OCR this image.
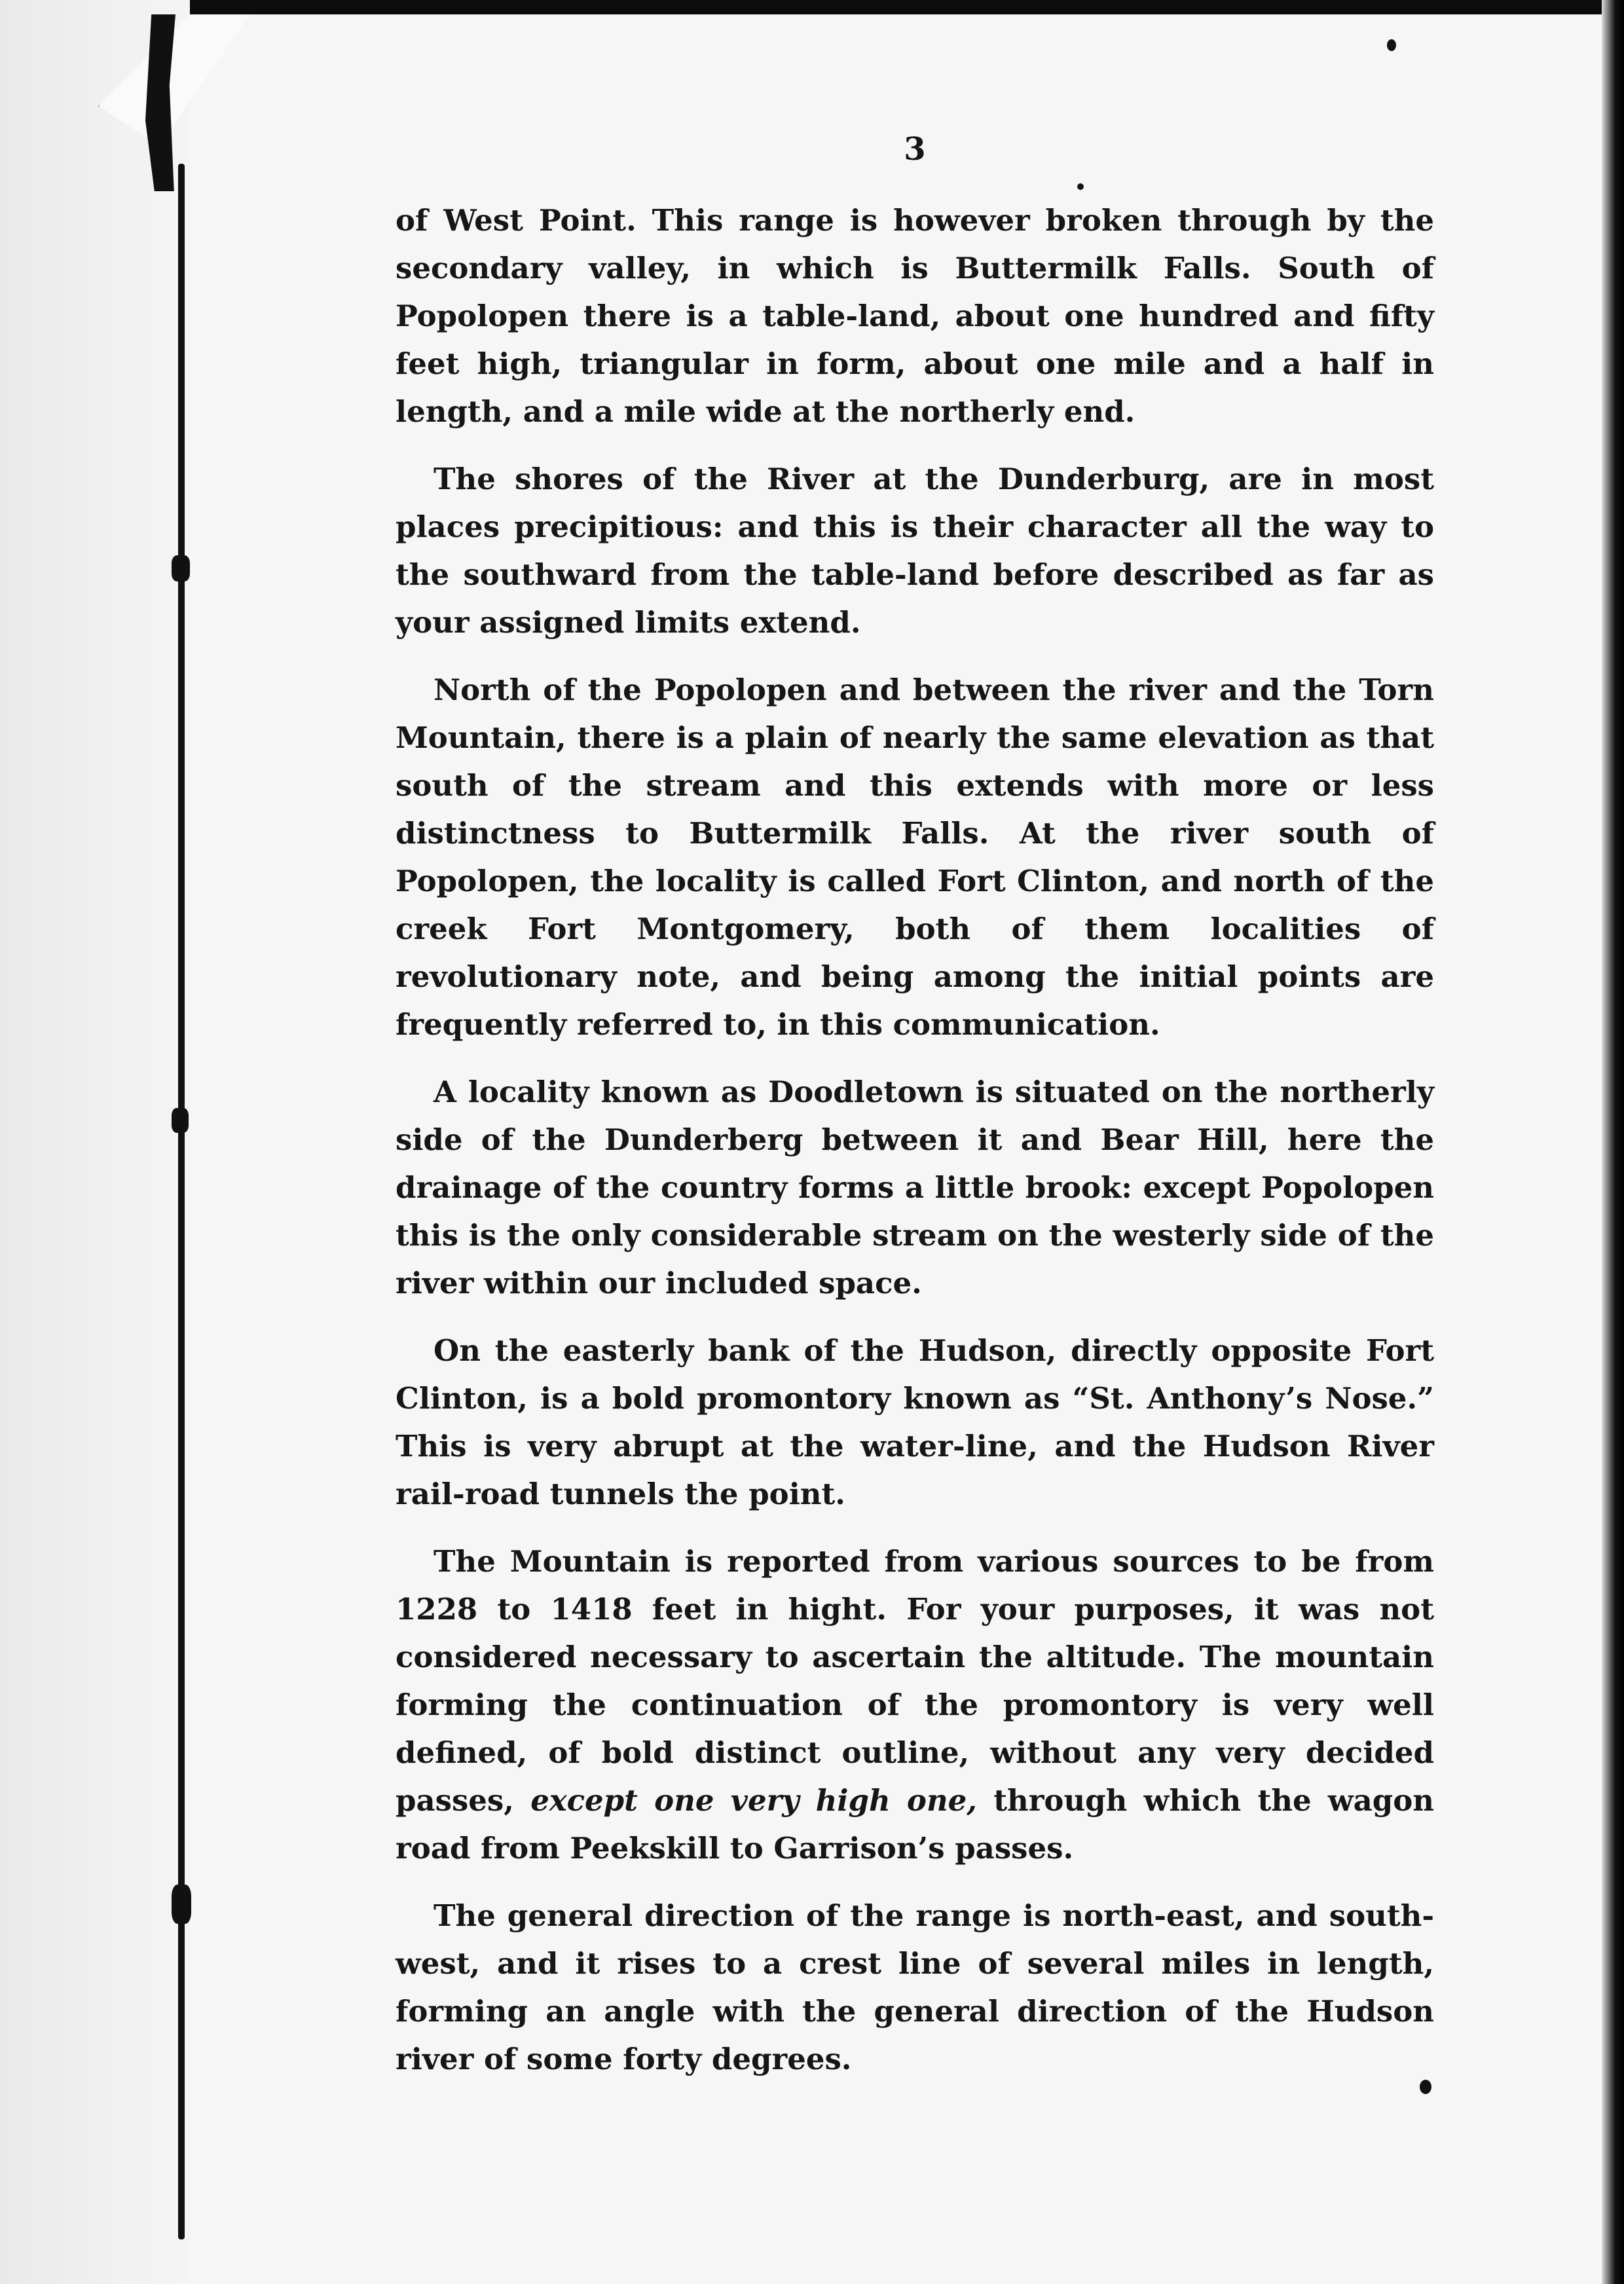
3

of West Point. This range is however broken through by the secondary valley, in which is Buttermilk Falls. South of Popolopen there is a table-land, about one hundred and fifty feet high, triangular in form, about one mile and a half in length, and a mile wide at the northerly end.

The shores of the River at the Dunderburg, are in most places precipitious: and this is their character all the way to the southward from the table-land before described as far as your assigned limits extend.

North of the Popolopen and between the river and the Torn Mountain, there is a plain of nearly the same elevation as that south of the stream and this extends with more or less distinctness to Buttermilk Falls. At the river south of Popolopen, the locality is called Fort Clinton, and north of the creek Fort Montgomery, both of them localities of revolutionary note, and being among the initial points are frequently referred to, in this communication.

A locality known as Doodletown is situated on the northerly side of the Dunderberg between it and Bear Hill, here the drainage of the country forms a little brook: except Popolopen this is the only considerable stream on the westerly side of the river within our included space.

On the easterly bank of the Hudson, directly opposite Fort Clinton, is a bold promontory known as “St. Anthony’s Nose.” This is very abrupt at the water-line, and the Hudson River rail-road tunnels the point.

The Mountain is reported from various sources to be from 1228 to 1418 feet in hight. For your purposes, it was not considered necessary to ascertain the altitude. The mountain forming the continuation of the promontory is very well defined, of bold distinct outline, without any very decided passes, except one very high one, through which the wagon road from Peekskill to Garrison’s passes.

The general direction of the range is north-east, and south-west, and it rises to a crest line of several miles in length, forming an angle with the general direction of the Hudson river of some forty degrees.
